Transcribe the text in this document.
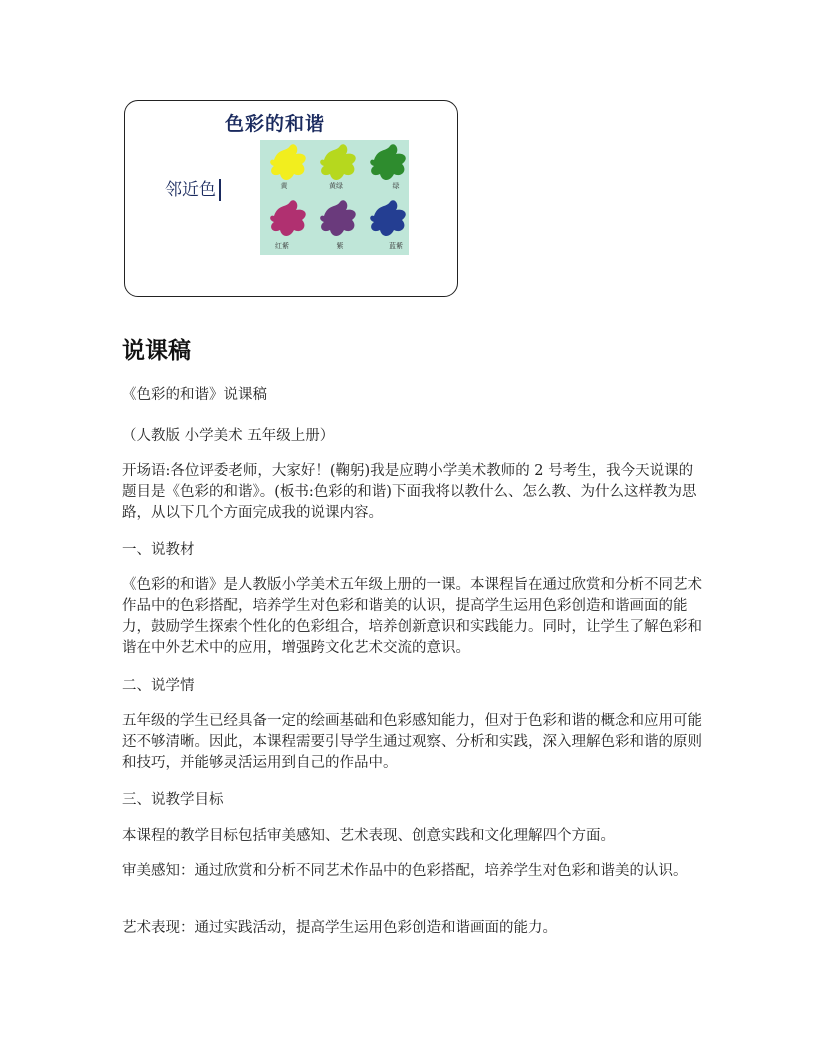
色彩的和谐
邻近色	黄	黄绿	绿
红紫	紫	蓝紫
说课稿
《色彩的和谐》说课稿
（人教版 小学美术 五年级上册）
开场语:各位评委老师，大家好！(鞠躬)我是应聘小学美术教师的 2 号考生，我今天说课的题目是《色彩的和谐》。(板书:色彩的和谐)下面我将以教什么、怎么教、为什么这样教为思路，从以下几个方面完成我的说课内容。
一、说教材
《色彩的和谐》是人教版小学美术五年级上册的一课。本课程旨在通过欣赏和分析不同艺术作品中的色彩搭配，培养学生对色彩和谐美的认识，提高学生运用色彩创造和谐画面的能力，鼓励学生探索个性化的色彩组合，培养创新意识和实践能力。同时，让学生了解色彩和谐在中外艺术中的应用，增强跨文化艺术交流的意识。
二、说学情
五年级的学生已经具备一定的绘画基础和色彩感知能力，但对于色彩和谐的概念和应用可能还不够清晰。因此，本课程需要引导学生通过观察、分析和实践，深入理解色彩和谐的原则和技巧，并能够灵活运用到自己的作品中。
三、说教学目标
本课程的教学目标包括审美感知、艺术表现、创意实践和文化理解四个方面。
审美感知：通过欣赏和分析不同艺术作品中的色彩搭配，培养学生对色彩和谐美的认识。
艺术表现：通过实践活动，提高学生运用色彩创造和谐画面的能力。
